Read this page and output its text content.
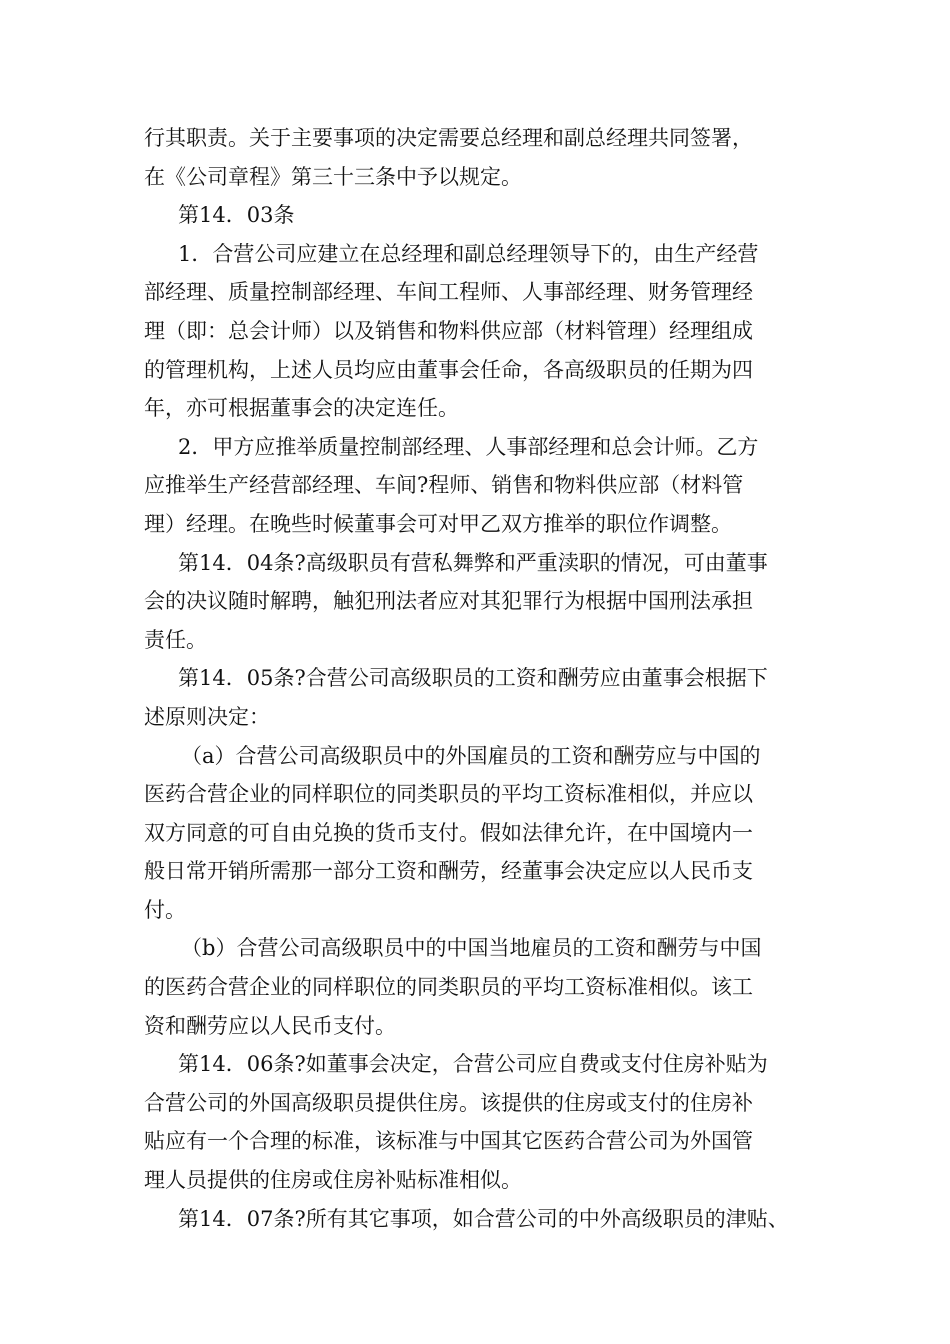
行其职责。关于主要事项的决定需要总经理和副总经理共同签署，
在《公司章程》第三十三条中予以规定。
第14．03条
1．合营公司应建立在总经理和副总经理领导下的，由生产经营
部经理、质量控制部经理、车间工程师、人事部经理、财务管理经
理（即：总会计师）以及销售和物料供应部（材料管理）经理组成
的管理机构，上述人员均应由董事会任命，各高级职员的任期为四
年，亦可根据董事会的决定连任。
2．甲方应推举质量控制部经理、人事部经理和总会计师。乙方
应推举生产经营部经理、车间?程师、销售和物料供应部（材料管
理）经理。在晚些时候董事会可对甲乙双方推举的职位作调整。
第14．04条?高级职员有营私舞弊和严重渎职的情况，可由董事
会的决议随时解聘，触犯刑法者应对其犯罪行为根据中国刑法承担
责任。
第14．05条?合营公司高级职员的工资和酬劳应由董事会根据下
述原则决定：
（a）合营公司高级职员中的外国雇员的工资和酬劳应与中国的
医药合营企业的同样职位的同类职员的平均工资标准相似，并应以
双方同意的可自由兑换的货币支付。假如法律允许，在中国境内一
般日常开销所需那一部分工资和酬劳，经董事会决定应以人民币支
付。
（b）合营公司高级职员中的中国当地雇员的工资和酬劳与中国
的医药合营企业的同样职位的同类职员的平均工资标准相似。该工
资和酬劳应以人民币支付。
第14．06条?如董事会决定，合营公司应自费或支付住房补贴为
合营公司的外国高级职员提供住房。该提供的住房或支付的住房补
贴应有一个合理的标准，该标准与中国其它医药合营公司为外国管
理人员提供的住房或住房补贴标准相似。
第14．07条?所有其它事项，如合营公司的中外高级职员的津贴、
